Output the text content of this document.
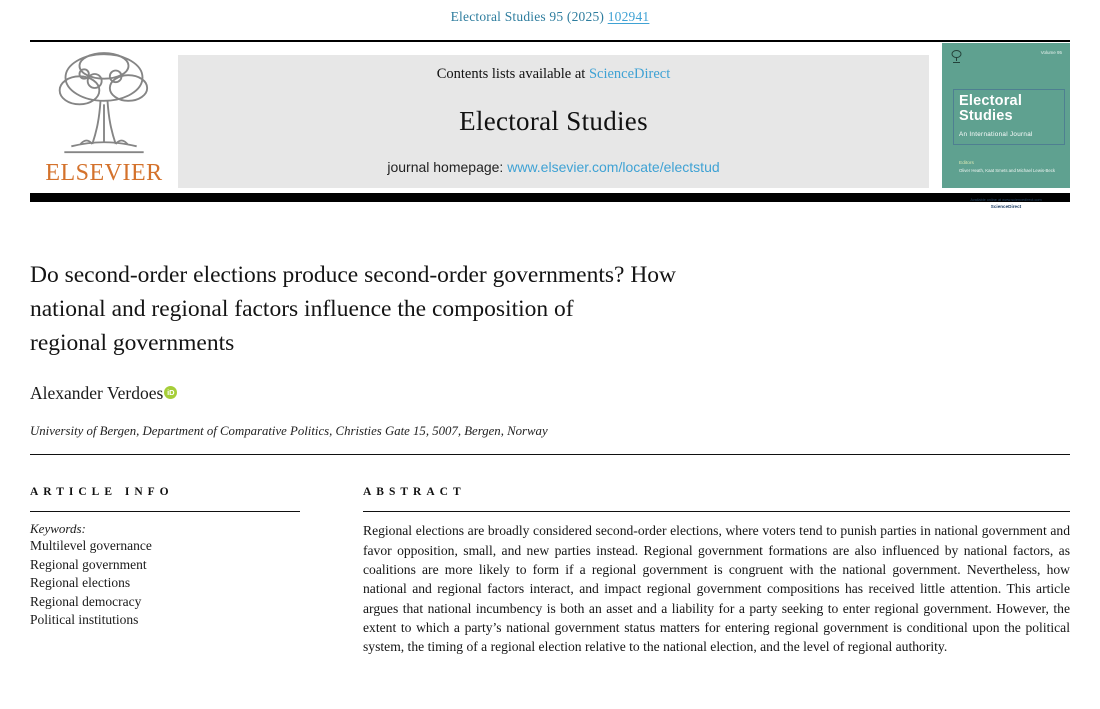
Electoral Studies 95 (2025) 102941
ELSEVIER
Contents lists available at ScienceDirect
Electoral Studies
journal homepage: www.elsevier.com/locate/electstud
Volume 95
Electoral
Studies
An International Journal
Editors
Oliver Heath, Kaat Smets and Michael Lewis-Beck
Available online at www.sciencedirect.com
ScienceDirect
Do second-order elections produce second-order governments? How
national and regional factors influence the composition of
regional governments
Alexander Verdoes iD
University of Bergen, Department of Comparative Politics, Christies Gate 15, 5007, Bergen, Norway
ARTICLE INFO
Keywords:
Multilevel governance
Regional government
Regional elections
Regional democracy
Political institutions
ABSTRACT
Regional elections are broadly considered second-order elections, where voters tend to punish parties in national government and favor opposition, small, and new parties instead. Regional government formations are also influenced by national factors, as coalitions are more likely to form if a regional government is congruent with the national government. Nevertheless, how national and regional factors interact, and impact regional government compositions has received little attention. This article argues that national incumbency is both an asset and a liability for a party seeking to enter regional government. However, the extent to which a party’s national government status matters for entering regional government is conditional upon the political system, the timing of a regional election relative to the national election, and the level of regional authority.
